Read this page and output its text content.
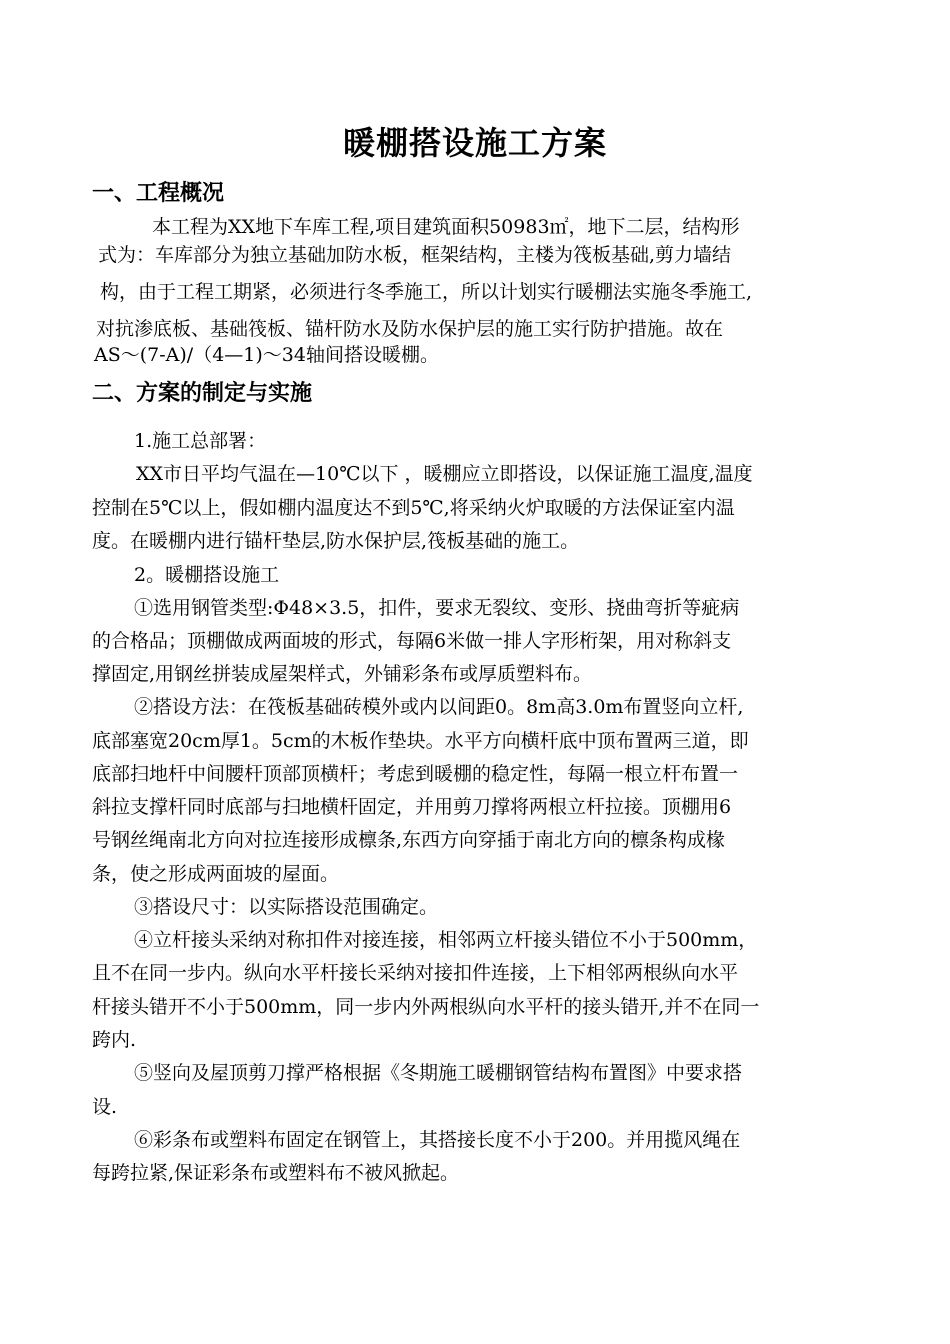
暖棚搭设施工方案
一、工程概况
本工程为XX地下车库工程,项目建筑面积50983㎡，地下二层，结构形
式为：车库部分为独立基础加防水板，框架结构，主楼为筏板基础,剪力墙结
构，由于工程工期紧，必须进行冬季施工，所以计划实行暖棚法实施冬季施工,
对抗渗底板、基础筏板、锚杆防水及防水保护层的施工实行防护措施。故在
AS～(7-A)/（4—1)～34轴间搭设暖棚。
二、方案的制定与实施
1.施工总部署：
XX市日平均气温在—10℃以下 ，暖棚应立即搭设，以保证施工温度,温度
控制在5℃以上，假如棚内温度达不到5℃,将采纳火炉取暖的方法保证室内温
度。在暖棚内进行锚杆垫层,防水保护层,筏板基础的施工。
2。暖棚搭设施工
①选用钢管类型:Φ48×3.5，扣件，要求无裂纹、变形、挠曲弯折等疵病
的合格品；顶棚做成两面坡的形式，每隔6米做一排人字形桁架，用对称斜支
撑固定,用钢丝拼装成屋架样式，外铺彩条布或厚质塑料布。
②搭设方法：在筏板基础砖模外或内以间距0。8m高3.0m布置竖向立杆,
底部塞宽20cm厚1。5cm的木板作垫块。水平方向横杆底中顶布置两三道，即
底部扫地杆中间腰杆顶部顶横杆；考虑到暖棚的稳定性，每隔一根立杆布置一
斜拉支撑杆同时底部与扫地横杆固定，并用剪刀撑将两根立杆拉接。顶棚用6
号钢丝绳南北方向对拉连接形成檩条,东西方向穿插于南北方向的檩条构成椽
条，使之形成两面坡的屋面。
③搭设尺寸：以实际搭设范围确定。
④立杆接头采纳对称扣件对接连接，相邻两立杆接头错位不小于500mm，
且不在同一步内。纵向水平杆接长采纳对接扣件连接，上下相邻两根纵向水平
杆接头错开不小于500mm，同一步内外两根纵向水平杆的接头错开,并不在同一
跨内.
⑤竖向及屋顶剪刀撑严格根据《冬期施工暖棚钢管结构布置图》中要求搭
设.
⑥彩条布或塑料布固定在钢管上，其搭接长度不小于200。并用揽风绳在
每跨拉紧,保证彩条布或塑料布不被风掀起。
